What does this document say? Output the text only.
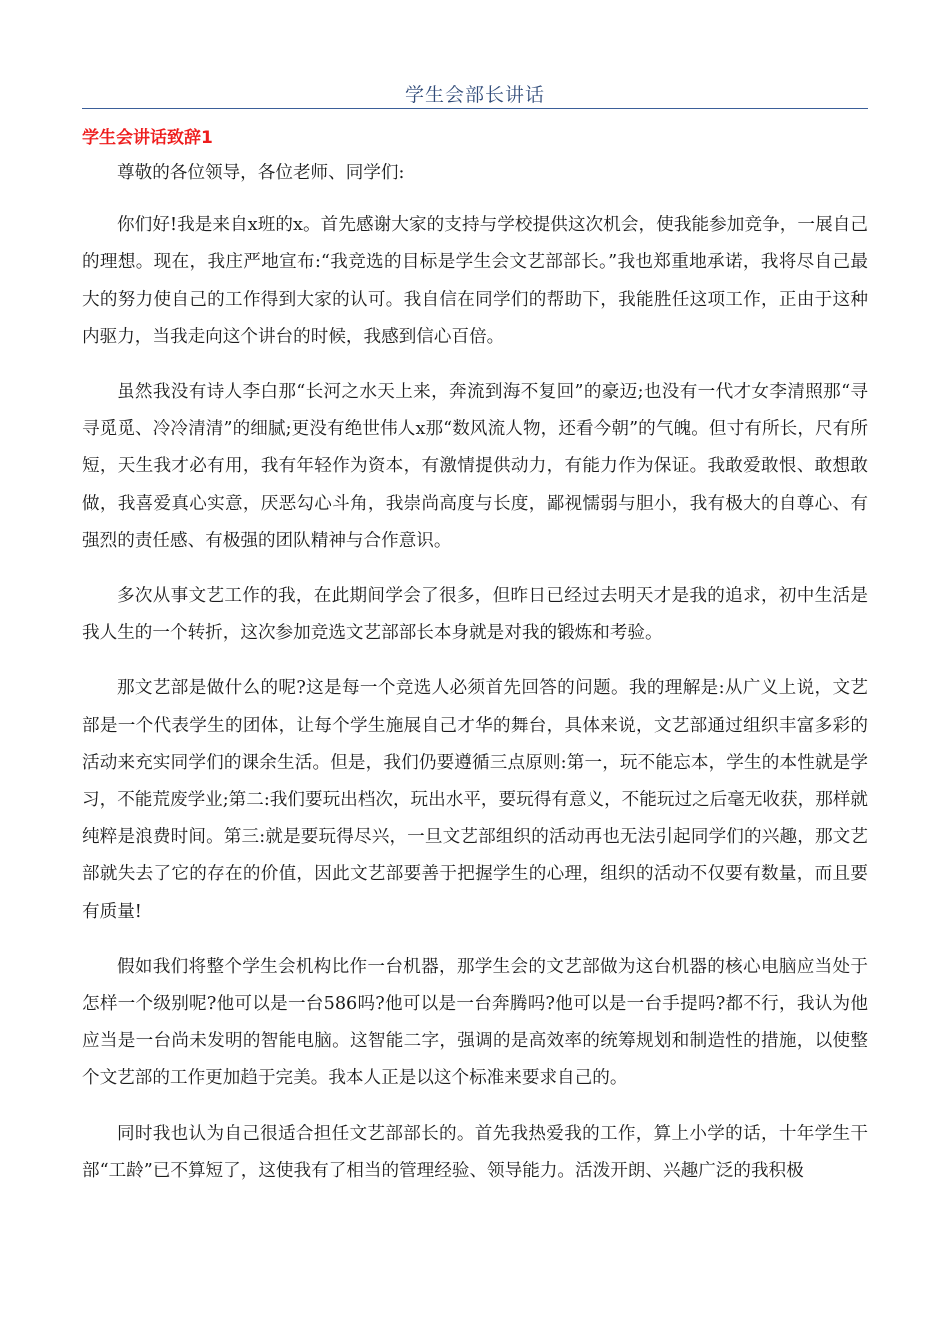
学生会部长讲话
学生会讲话致辞1

尊敬的各位领导，各位老师、同学们:

你们好!我是来自x班的x。首先感谢大家的支持与学校提供这次机会，使我能参加竞争，一展自己的理想。现在，我庄严地宣布:“我竞选的目标是学生会文艺部部长。”我也郑重地承诺，我将尽自己最大的努力使自己的工作得到大家的认可。我自信在同学们的帮助下，我能胜任这项工作，正由于这种内驱力，当我走向这个讲台的时候，我感到信心百倍。

虽然我没有诗人李白那“长河之水天上来，奔流到海不复回”的豪迈;也没有一代才女李清照那“寻寻觅觅、冷冷清清”的细腻;更没有绝世伟人x那“数风流人物，还看今朝”的气魄。但寸有所长，尺有所短，天生我才必有用，我有年轻作为资本，有激情提供动力，有能力作为保证。我敢爱敢恨、敢想敢做，我喜爱真心实意，厌恶勾心斗角，我崇尚高度与长度，鄙视懦弱与胆小，我有极大的自尊心、有强烈的责任感、有极强的团队精神与合作意识。

多次从事文艺工作的我，在此期间学会了很多，但昨日已经过去明天才是我的追求，初中生活是我人生的一个转折，这次参加竞选文艺部部长本身就是对我的锻炼和考验。

那文艺部是做什么的呢?这是每一个竞选人必须首先回答的问题。我的理解是:从广义上说，文艺部是一个代表学生的团体，让每个学生施展自己才华的舞台，具体来说，文艺部通过组织丰富多彩的活动来充实同学们的课余生活。但是，我们仍要遵循三点原则:第一，玩不能忘本，学生的本性就是学习，不能荒废学业;第二:我们要玩出档次，玩出水平，要玩得有意义，不能玩过之后毫无收获，那样就纯粹是浪费时间。第三:就是要玩得尽兴，一旦文艺部组织的活动再也无法引起同学们的兴趣，那文艺部就失去了它的存在的价值，因此文艺部要善于把握学生的心理，组织的活动不仅要有数量，而且要有质量!

假如我们将整个学生会机构比作一台机器，那学生会的文艺部做为这台机器的核心电脑应当处于怎样一个级别呢?他可以是一台586吗?他可以是一台奔腾吗?他可以是一台手提吗?都不行，我认为他应当是一台尚未发明的智能电脑。这智能二字，强调的是高效率的统筹规划和制造性的措施，以使整个文艺部的工作更加趋于完美。我本人正是以这个标准来要求自己的。

同时我也认为自己很适合担任文艺部部长的。首先我热爱我的工作，算上小学的话，十年学生干部“工龄”已不算短了，这使我有了相当的管理经验、领导能力。活泼开朗、兴趣广泛的我积极
